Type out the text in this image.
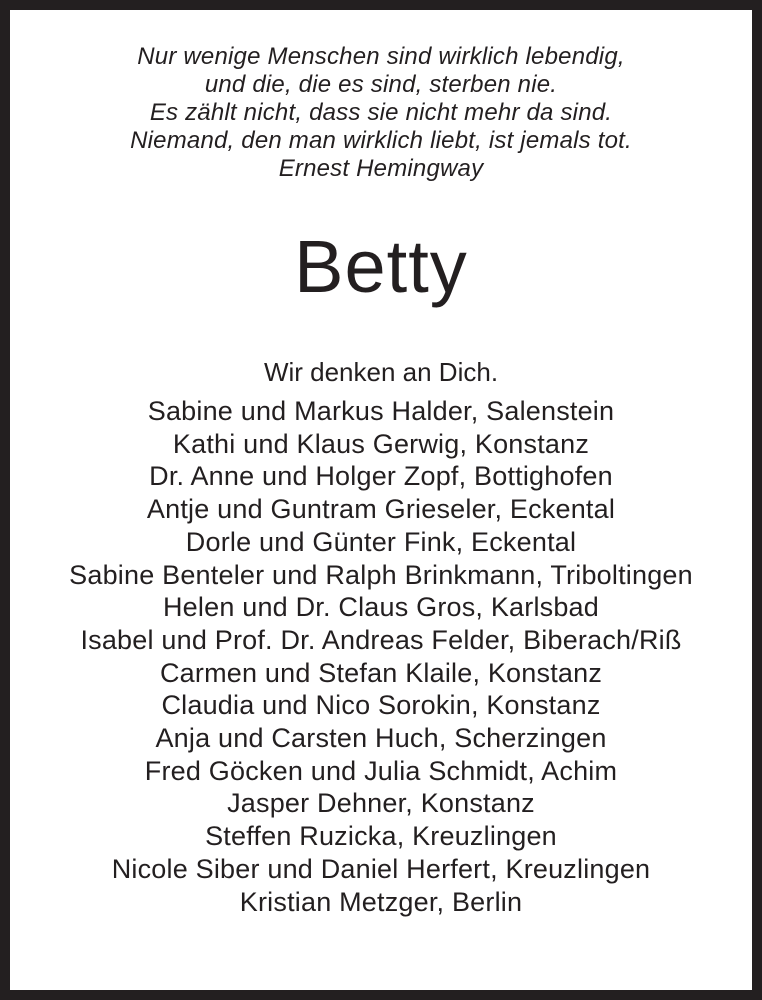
Nur wenige Menschen sind wirklich lebendig,
und die, die es sind, sterben nie.
Es zählt nicht, dass sie nicht mehr da sind.
Niemand, den man wirklich liebt, ist jemals tot.
Ernest Hemingway
Betty
Wir denken an Dich.
Sabine und Markus Halder, Salenstein
Kathi und Klaus Gerwig, Konstanz
Dr. Anne und Holger Zopf, Bottighofen
Antje und Guntram Grieseler, Eckental
Dorle und Günter Fink, Eckental
Sabine Benteler und Ralph Brinkmann, Triboltingen
Helen und Dr. Claus Gros, Karlsbad
Isabel und Prof. Dr. Andreas Felder, Biberach/Riß
Carmen und Stefan Klaile, Konstanz
Claudia und Nico Sorokin, Konstanz
Anja und Carsten Huch, Scherzingen
Fred Göcken und Julia Schmidt, Achim
Jasper Dehner, Konstanz
Steffen Ruzicka, Kreuzlingen
Nicole Siber und Daniel Herfert, Kreuzlingen
Kristian Metzger, Berlin
